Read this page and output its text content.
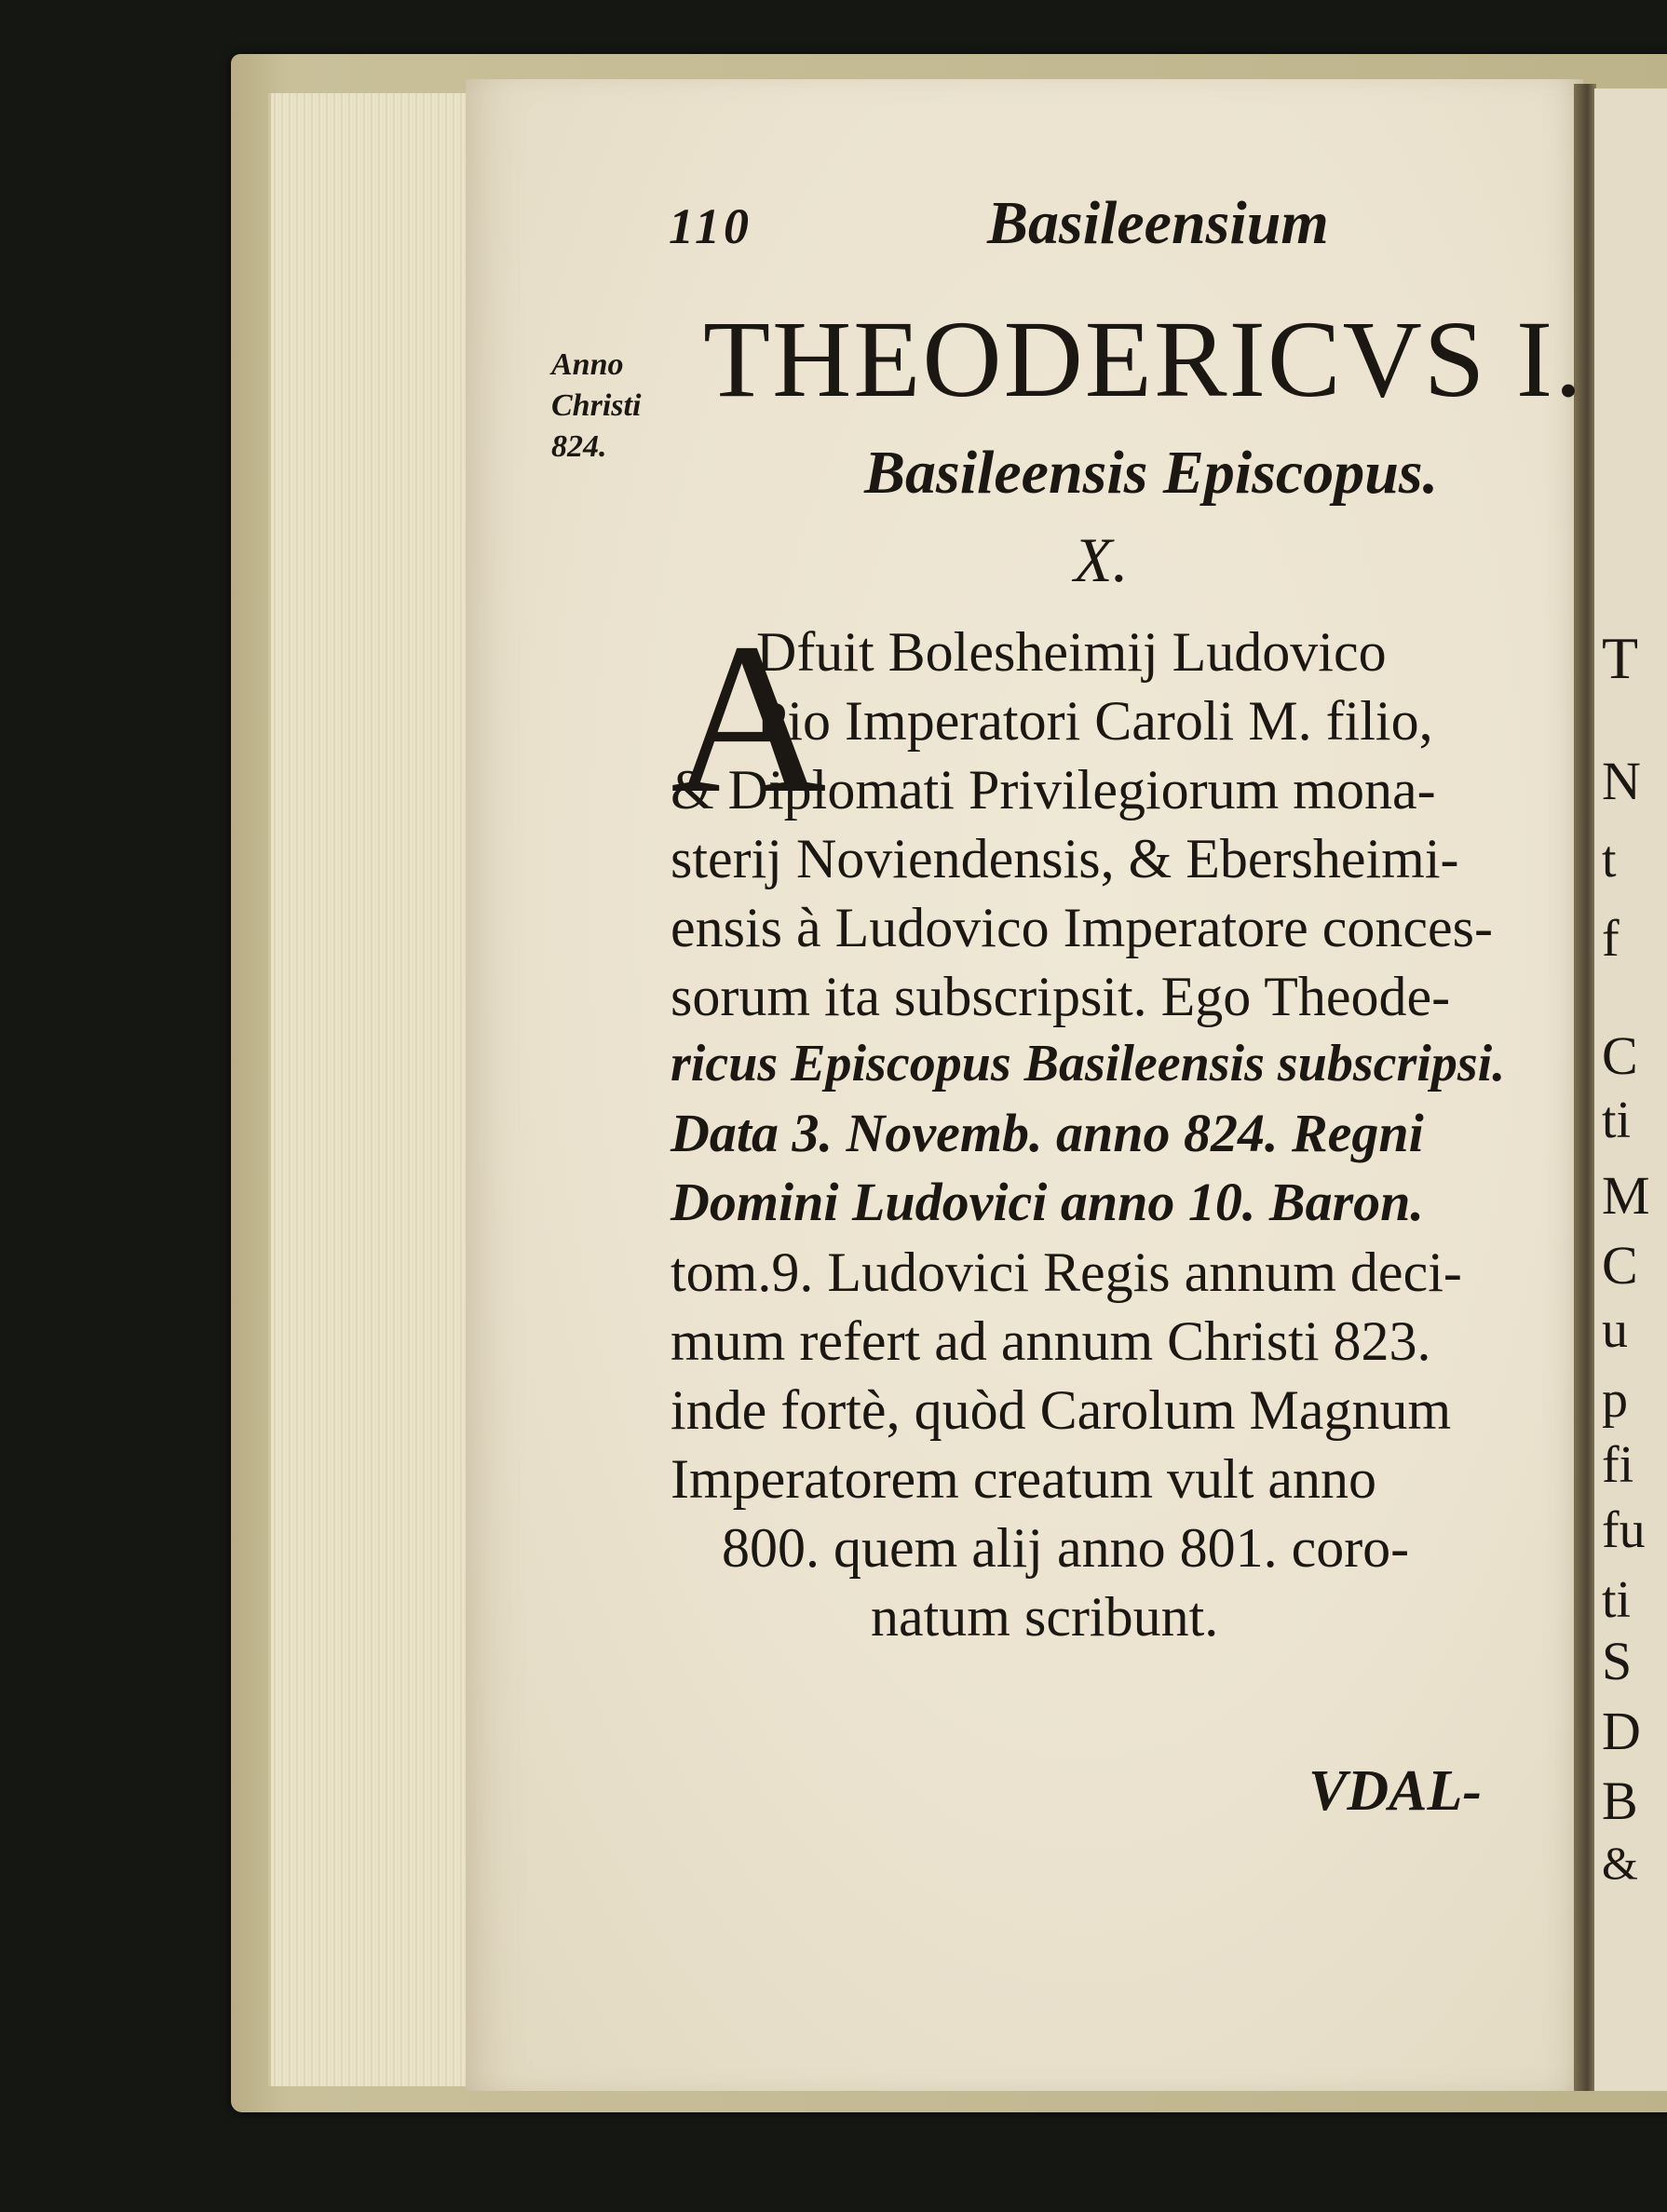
T
N
t
f
C
ti
M
C
u
p
fi
fu
ti
S
D
B
&
110	Basileensium
Anno
Christi
824.
THEODERICVS I.
Basileensis Episcopus.
X.
A
Dfuit Bolesheimij Ludovico
Pio Imperatori Caroli M. filio,
& Diplomati Privilegiorum mona-
sterij Noviendensis, & Ebersheimi-
ensis à Ludovico Imperatore conces-
sorum ita subscripsit. Ego Theode-
ricus Episcopus Basileensis subscripsi.
Data 3. Novemb. anno 824. Regni
Domini Ludovici anno 10. Baron.
tom.9. Ludovici Regis annum deci-
mum refert ad annum Christi 823.
inde fortè, quòd Carolum Magnum
Imperatorem creatum vult anno
800. quem alij anno 801. coro-
natum scribunt.
VDAL-
